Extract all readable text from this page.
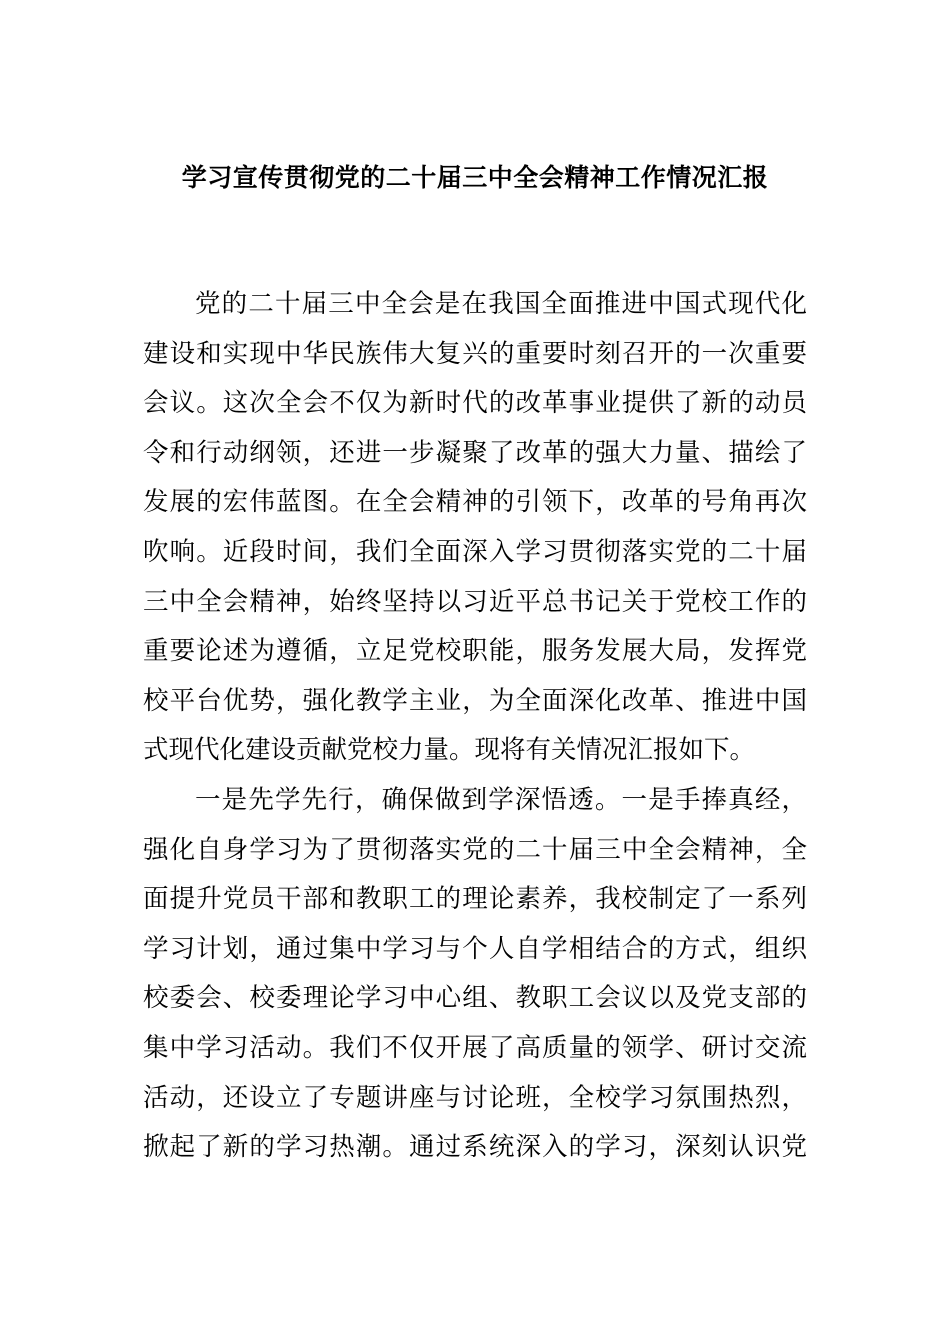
学习宣传贯彻党的二十届三中全会精神工作情况汇报
党的二十届三中全会是在我国全面推进中国式现代化
建设和实现中华民族伟大复兴的重要时刻召开的一次重要
会议。这次全会不仅为新时代的改革事业提供了新的动员
令和行动纲领，还进一步凝聚了改革的强大力量、描绘了
发展的宏伟蓝图。在全会精神的引领下，改革的号角再次
吹响。近段时间，我们全面深入学习贯彻落实党的二十届
三中全会精神，始终坚持以习近平总书记关于党校工作的
重要论述为遵循，立足党校职能，服务发展大局，发挥党
校平台优势，强化教学主业，为全面深化改革、推进中国
式现代化建设贡献党校力量。现将有关情况汇报如下。
一是先学先行，确保做到学深悟透。一是手捧真经，
强化自身学习为了贯彻落实党的二十届三中全会精神，全
面提升党员干部和教职工的理论素养，我校制定了一系列
学习计划，通过集中学习与个人自学相结合的方式，组织
校委会、校委理论学习中心组、教职工会议以及党支部的
集中学习活动。我们不仅开展了高质量的领学、研讨交流
活动，还设立了专题讲座与讨论班，全校学习氛围热烈，
掀起了新的学习热潮。通过系统深入的学习，深刻认识党
